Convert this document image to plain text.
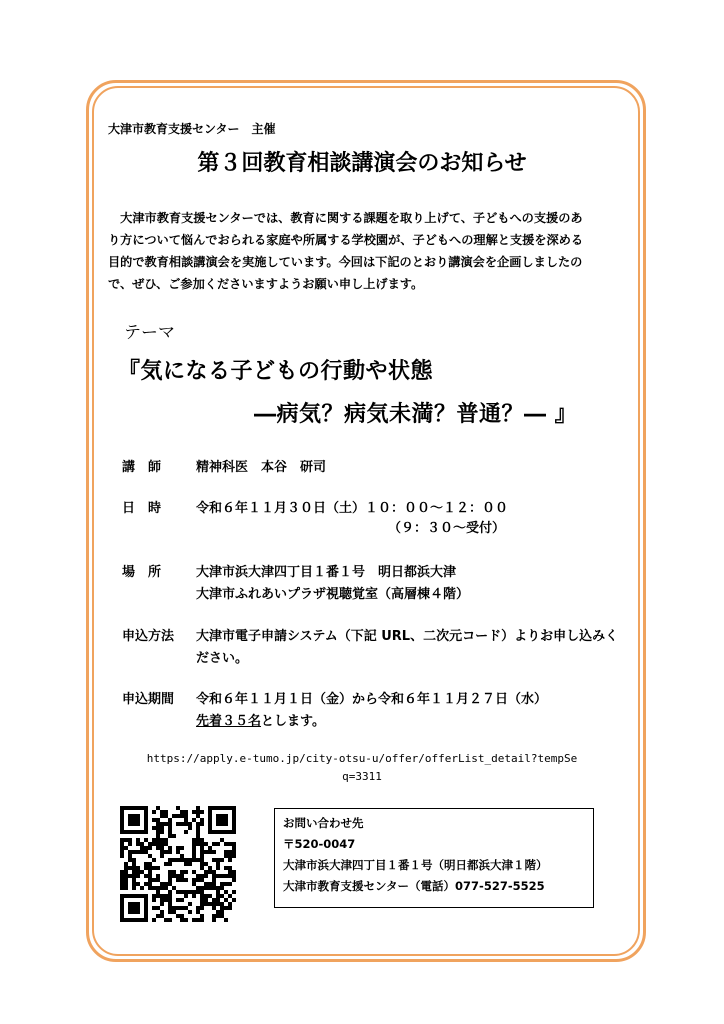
大津市教育支援センター　主催
第３回教育相談講演会のお知らせ

　大津市教育支援センターでは、教育に関する課題を取り上げて、子どもへの支援のあ

り方について悩んでおられる家庭や所属する学校園が、子どもへの理解と支援を深める

目的で教育相談講演会を実施しています。今回は下記のとおり講演会を企画しましたの

で、ぜひ、ご参加くださいますようお願い申し上げます。

テーマ
『気になる子どもの行動や状態
―病気？病気未満？普通？― 』
講　師	精神科医　本谷　研司
日　時	令和６年１１月３０日（土）１０：００～１２：００
（９：３０～受付）
場　所	大津市浜大津四丁目１番１号　明日都浜大津
大津市ふれあいプラザ視聴覚室（高層棟４階）
申込方法 大津市電子申請システム（下記 URL、二次元コード）よりお申し込みく
ださい。
申込期間 令和６年１１月１日（金）から令和６年１１月２７日（水）
先着３５名とします。
https://apply.e-tumo.jp/city-otsu-u/offer/offerList_detail?tempSe
q=3311
お問い合わせ先
〒520-0047
大津市浜大津四丁目１番１号（明日都浜大津１階）
大津市教育支援センター（電話）077-527-5525
